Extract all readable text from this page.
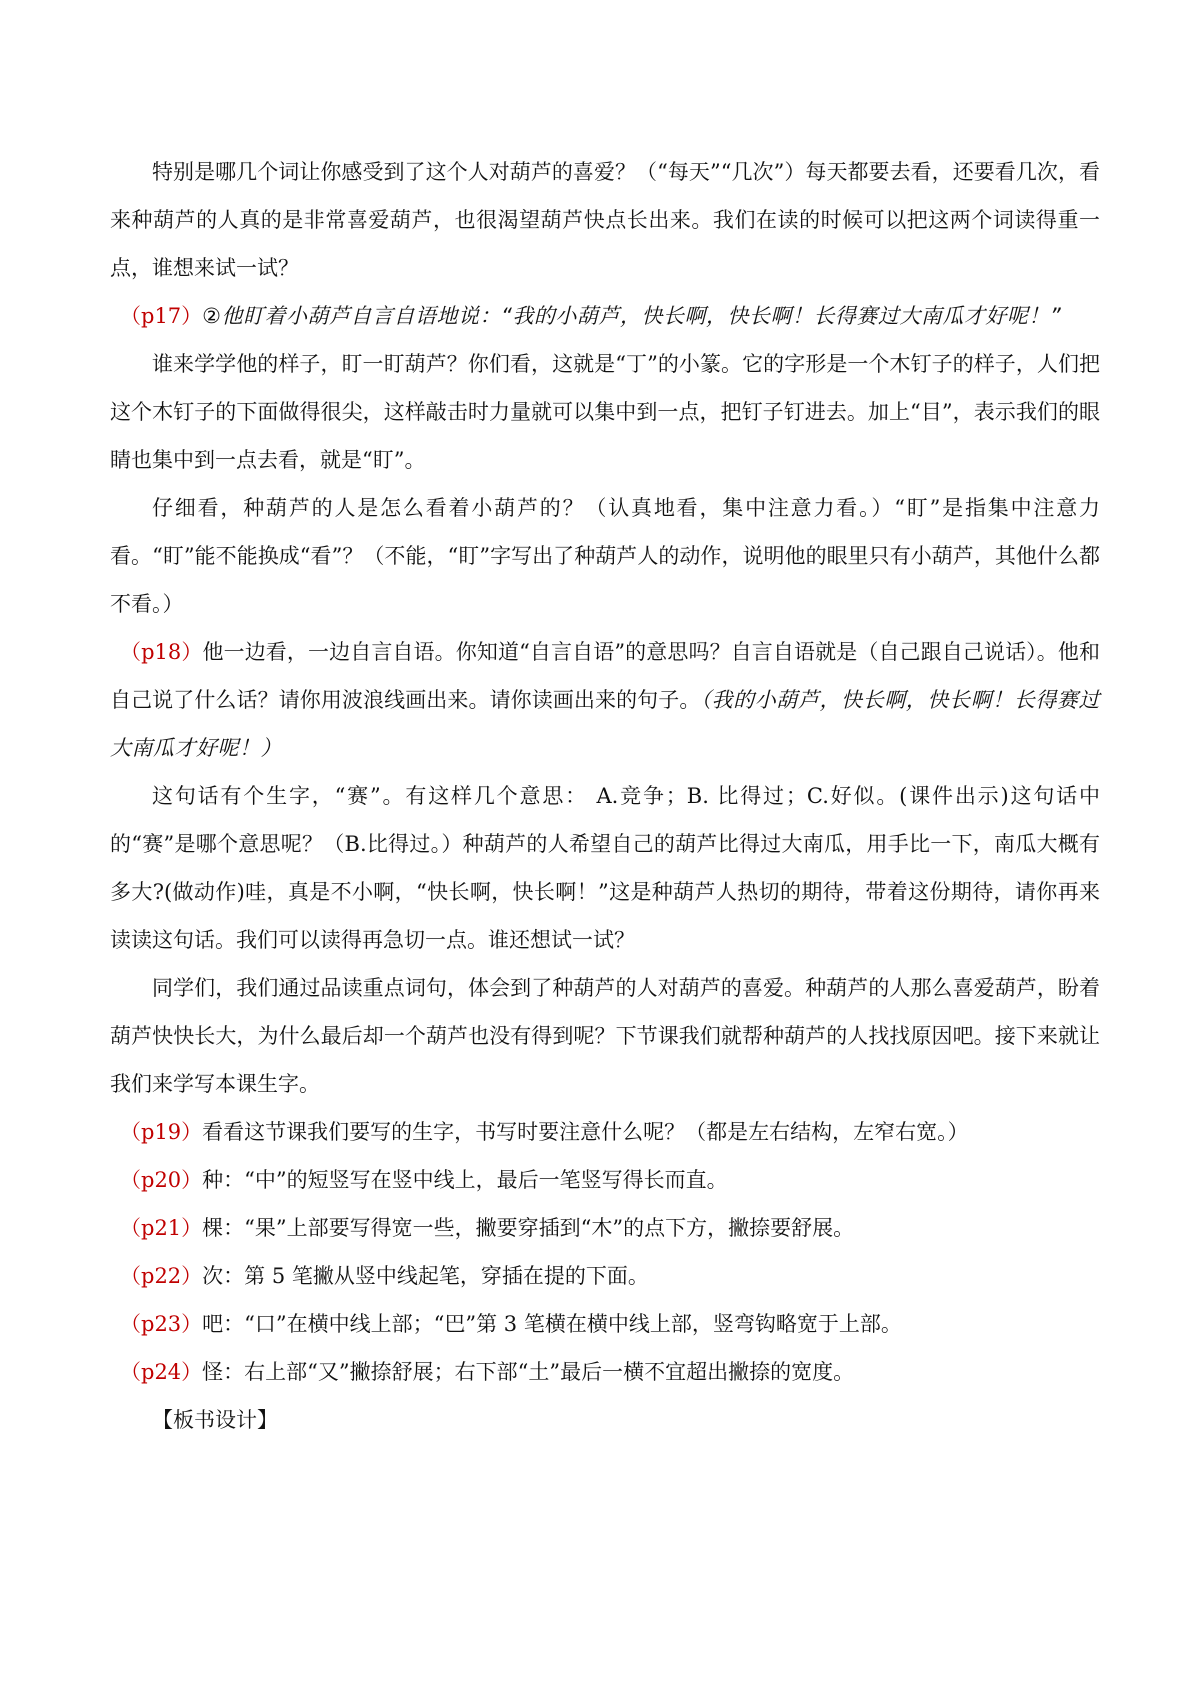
特别是哪几个词让你感受到了这个人对葫芦的喜爱？（“每天”“几次”）每天都要去看，还要看几次，看来种葫芦的人真的是非常喜爱葫芦，也很渴望葫芦快点长出来。我们在读的时候可以把这两个词读得重一点，谁想来试一试？

（p17）②他盯着小葫芦自言自语地说：“我的小葫芦，快长啊，快长啊！长得赛过大南瓜才好呢！”

谁来学学他的样子，盯一盯葫芦？你们看，这就是“丁”的小篆。它的字形是一个木钉子的样子，人们把这个木钉子的下面做得很尖，这样敲击时力量就可以集中到一点，把钉子钉进去。加上“目”，表示我们的眼睛也集中到一点去看，就是“盯”。

仔细看，种葫芦的人是怎么看着小葫芦的？（认真地看，集中注意力看。）“盯”是指集中注意力看。“盯”能不能换成“看”？（不能，“盯”字写出了种葫芦人的动作，说明他的眼里只有小葫芦，其他什么都不看。）

（p18）他一边看，一边自言自语。你知道“自言自语”的意思吗？自言自语就是（自己跟自己说话）。他和自己说了什么话？请你用波浪线画出来。请你读画出来的句子。（我的小葫芦，快长啊，快长啊！长得赛过大南瓜才好呢！）

这句话有个生字，“赛”。有这样几个意思： A.竞争；B. 比得过；C.好似。(课件出示)这句话中的“赛”是哪个意思呢？（B.比得过。）种葫芦的人希望自己的葫芦比得过大南瓜，用手比一下，南瓜大概有多大?(做动作)哇，真是不小啊，“快长啊，快长啊！”这是种葫芦人热切的期待，带着这份期待，请你再来读读这句话。我们可以读得再急切一点。谁还想试一试？

同学们，我们通过品读重点词句，体会到了种葫芦的人对葫芦的喜爱。种葫芦的人那么喜爱葫芦，盼着葫芦快快长大，为什么最后却一个葫芦也没有得到呢？下节课我们就帮种葫芦的人找找原因吧。接下来就让我们来学写本课生字。

（p19）看看这节课我们要写的生字，书写时要注意什么呢？（都是左右结构，左窄右宽。）

（p20）种：“中”的短竖写在竖中线上，最后一笔竖写得长而直。

（p21）棵：“果”上部要写得宽一些，撇要穿插到“木”的点下方，撇捺要舒展。

（p22）次：第 5 笔撇从竖中线起笔，穿插在提的下面。

（p23）吧：“口”在横中线上部；“巴”第 3 笔横在横中线上部，竖弯钩略宽于上部。

（p24）怪：右上部“又”撇捺舒展；右下部“土”最后一横不宜超出撇捺的宽度。

【板书设计】
